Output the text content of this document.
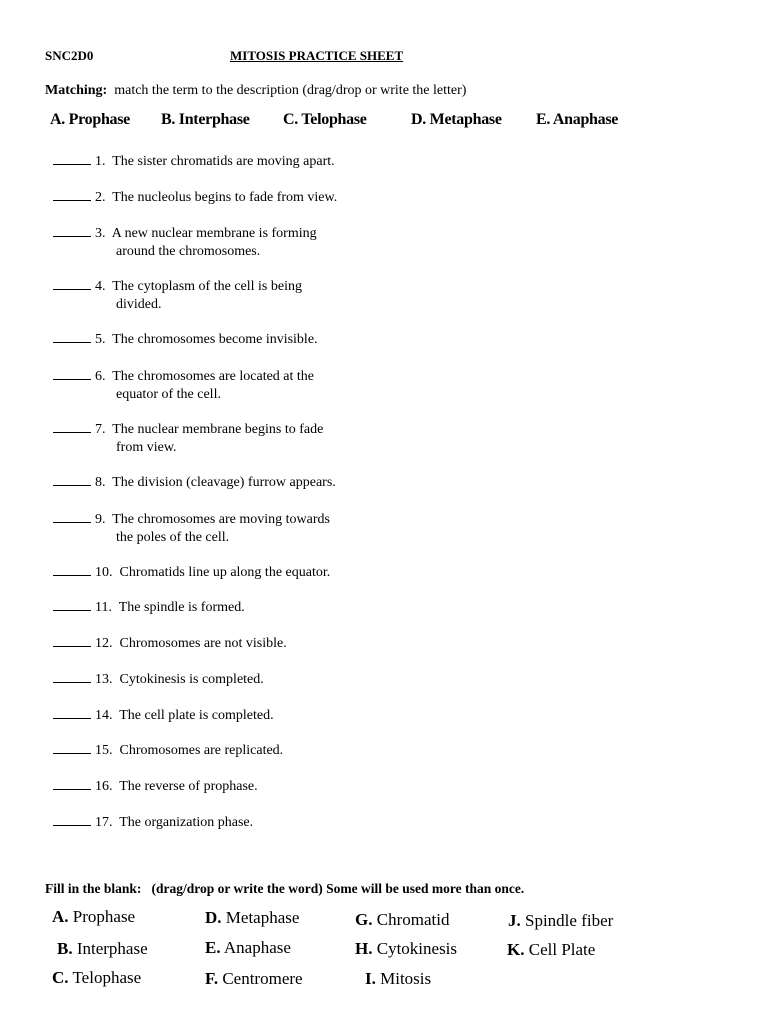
SNC2D0	MITOSIS PRACTICE SHEET
Matching: match the term to the description (drag/drop or write the letter)
A. Prophase B. Interphase C. Telophase	D. Metaphase E. Anaphase
1. The sister chromatids are moving apart.
2. The nucleolus begins to fade from view.
3. A new nuclear membrane is forming
around the chromosomes.
4. The cytoplasm of the cell is being
divided.
5. The chromosomes become invisible.
6. The chromosomes are located at the
equator of the cell.
7. The nuclear membrane begins to fade
from view.
8. The division (cleavage) furrow appears.
9. The chromosomes are moving towards
the poles of the cell.
10. Chromatids line up along the equator.
11. The spindle is formed.
12. Chromosomes are not visible.
13. Cytokinesis is completed.
14. The cell plate is completed.
15. Chromosomes are replicated.
16. The reverse of prophase.
17. The organization phase.
Fill in the blank: (drag/drop or write the word) Some will be used more than once.
A. Prophase
B. Interphase
C. Telophase
D. Metaphase
E. Anaphase
F. Centromere
G. Chromatid
H. Cytokinesis
I. Mitosis
J. Spindle fiber
K. Cell Plate
